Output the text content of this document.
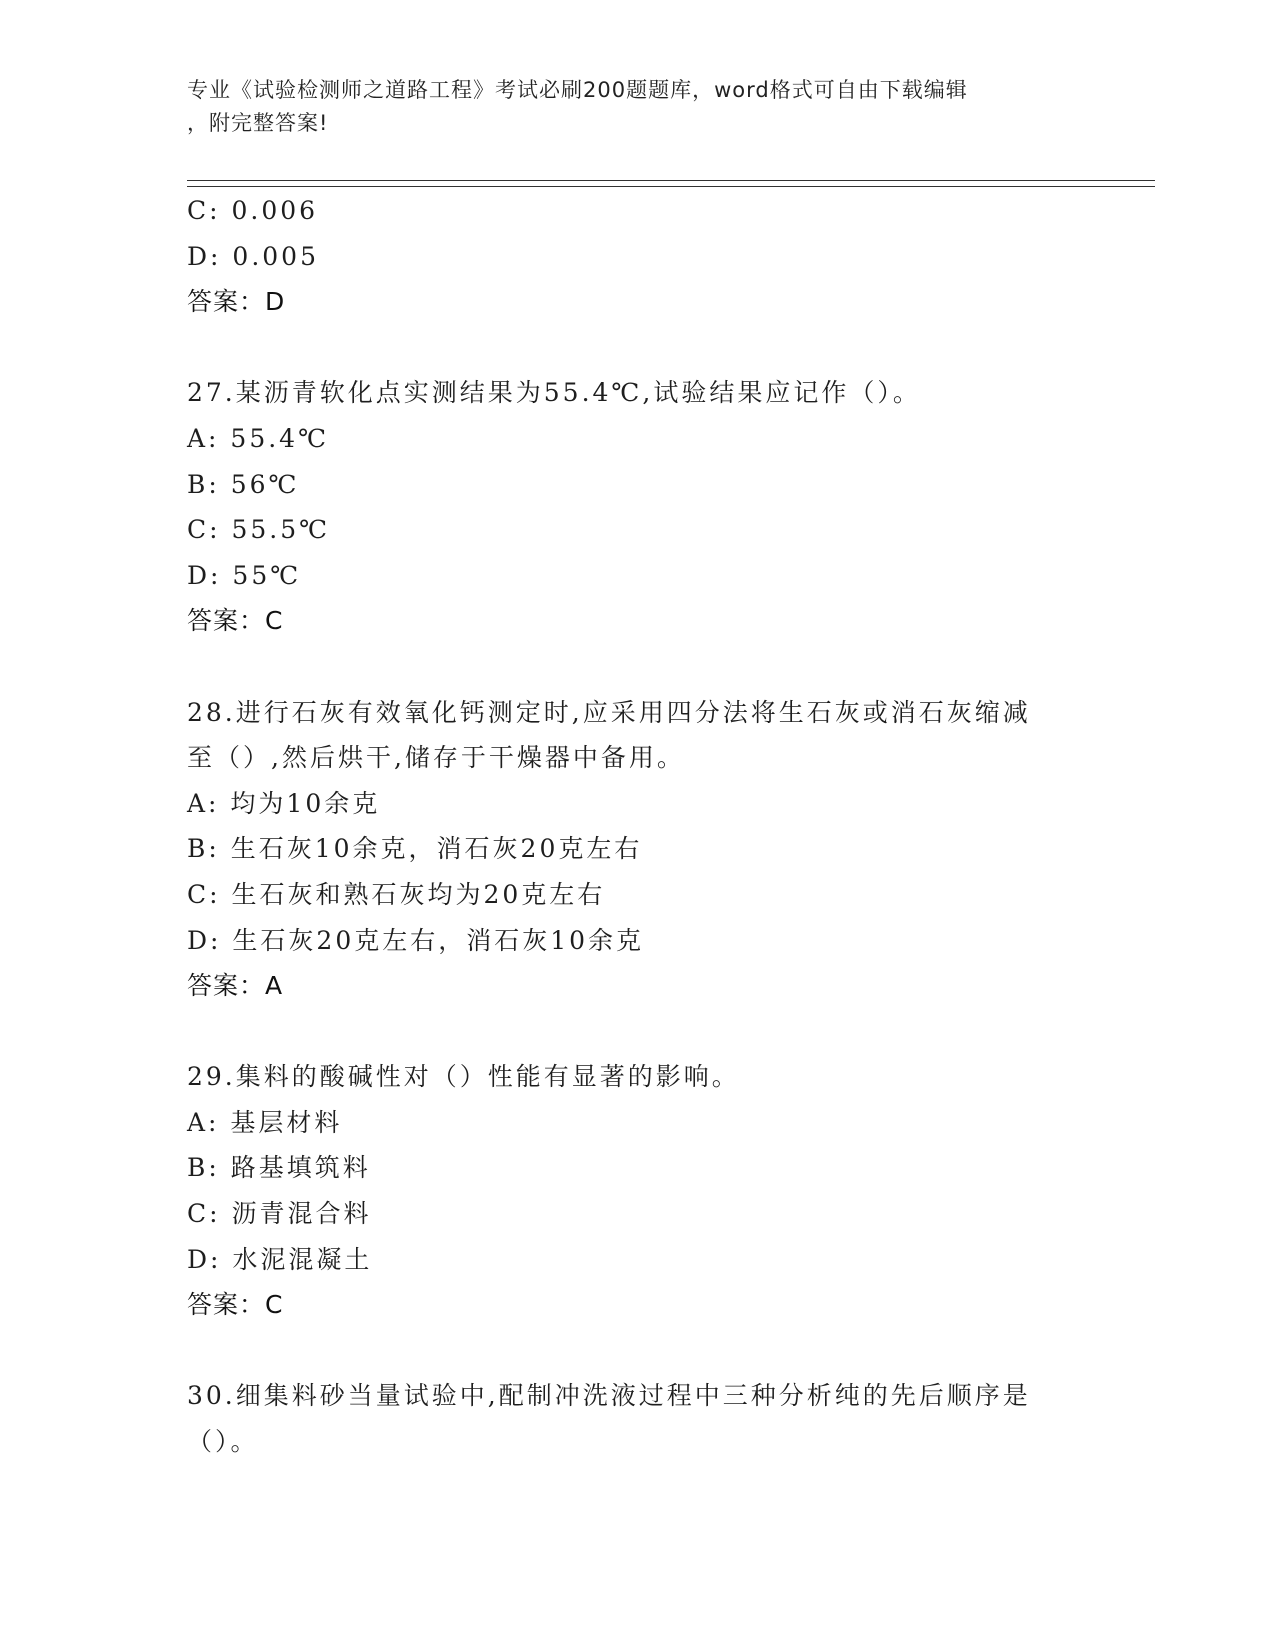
专业《试验检测师之道路工程》考试必刷200题题库，word格式可自由下载编辑
，附完整答案!
C: 0.006
D: 0.005
答案：D
27.某沥青软化点实测结果为55.4℃,试验结果应记作（）。
A: 55.4℃
B: 56℃
C: 55.5℃
D: 55℃
答案：C
28.进行石灰有效氧化钙测定时,应采用四分法将生石灰或消石灰缩减
至（）,然后烘干,储存于干燥器中备用。
A: 均为10余克
B: 生石灰10余克，消石灰20克左右
C: 生石灰和熟石灰均为20克左右
D: 生石灰20克左右，消石灰10余克
答案：A
29.集料的酸碱性对（）性能有显著的影响。
A: 基层材料
B: 路基填筑料
C: 沥青混合料
D: 水泥混凝土
答案：C
30.细集料砂当量试验中,配制冲洗液过程中三种分析纯的先后顺序是
（）。
